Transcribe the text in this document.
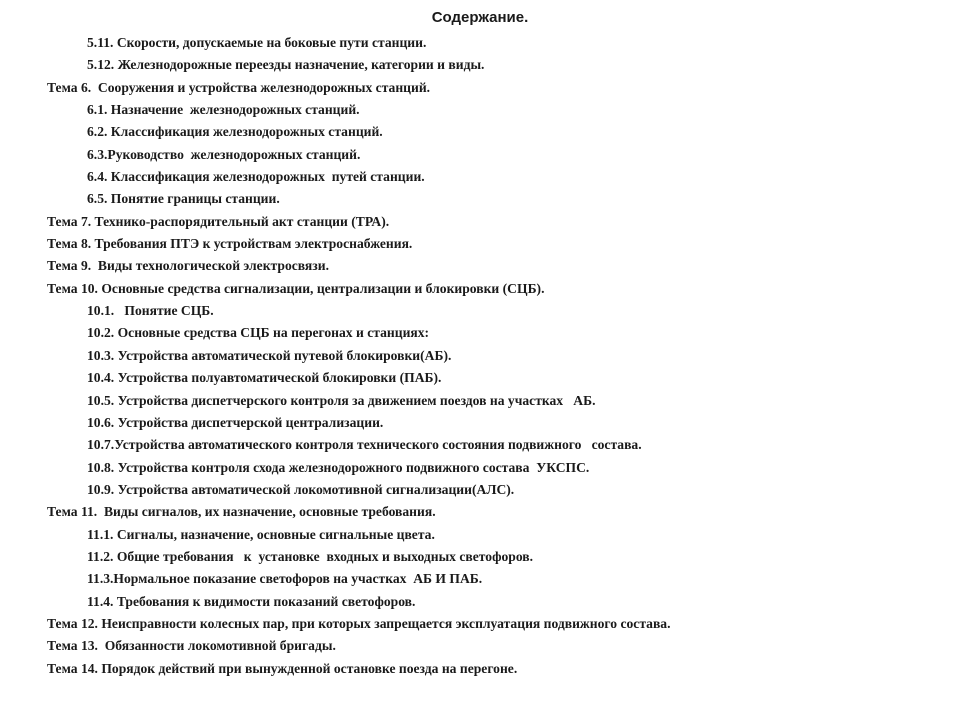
Содержание.
5.11. Скорости, допускаемые на боковые пути станции.
5.12. Железнодорожные переезды назначение, категории и виды.
Тема 6.  Сооружения и устройства железнодорожных станций.
6.1. Назначение  железнодорожных станций.
6.2. Классификация железнодорожных станций.
6.3.Руководство  железнодорожных станций.
6.4. Классификация железнодорожных  путей станции.
6.5. Понятие границы станции.
Тема 7. Технико-распорядительный акт станции (ТРА).
Тема 8. Требования ПТЭ к устройствам электроснабжения.
Тема 9.  Виды технологической электросвязи.
Тема 10. Основные средства сигнализации, централизации и блокировки (СЦБ).
10.1.   Понятие СЦБ.
10.2. Основные средства СЦБ на перегонах и станциях:
10.3. Устройства автоматической путевой блокировки(АБ).
10.4. Устройства полуавтоматической блокировки (ПАБ).
10.5. Устройства диспетчерского контроля за движением поездов на участках   АБ.
10.6. Устройства диспетчерской централизации.
10.7.Устройства автоматического контроля технического состояния подвижного   состава.
10.8. Устройства контроля схода железнодорожного подвижного состава  УКСПС.
10.9. Устройства автоматической локомотивной сигнализации(АЛС).
Тема 11.  Виды сигналов, их назначение, основные требования.
11.1. Сигналы, назначение, основные сигнальные цвета.
11.2. Общие требования   к  установке  входных и выходных светофоров.
11.3.Нормальное показание светофоров на участках  АБ И ПАБ.
11.4. Требования к видимости показаний светофоров.
Тема 12. Неисправности колесных пар, при которых запрещается эксплуатация подвижного состава.
Тема 13.  Обязанности локомотивной бригады.
Тема 14. Порядок действий при вынужденной остановке поезда на перегоне.
